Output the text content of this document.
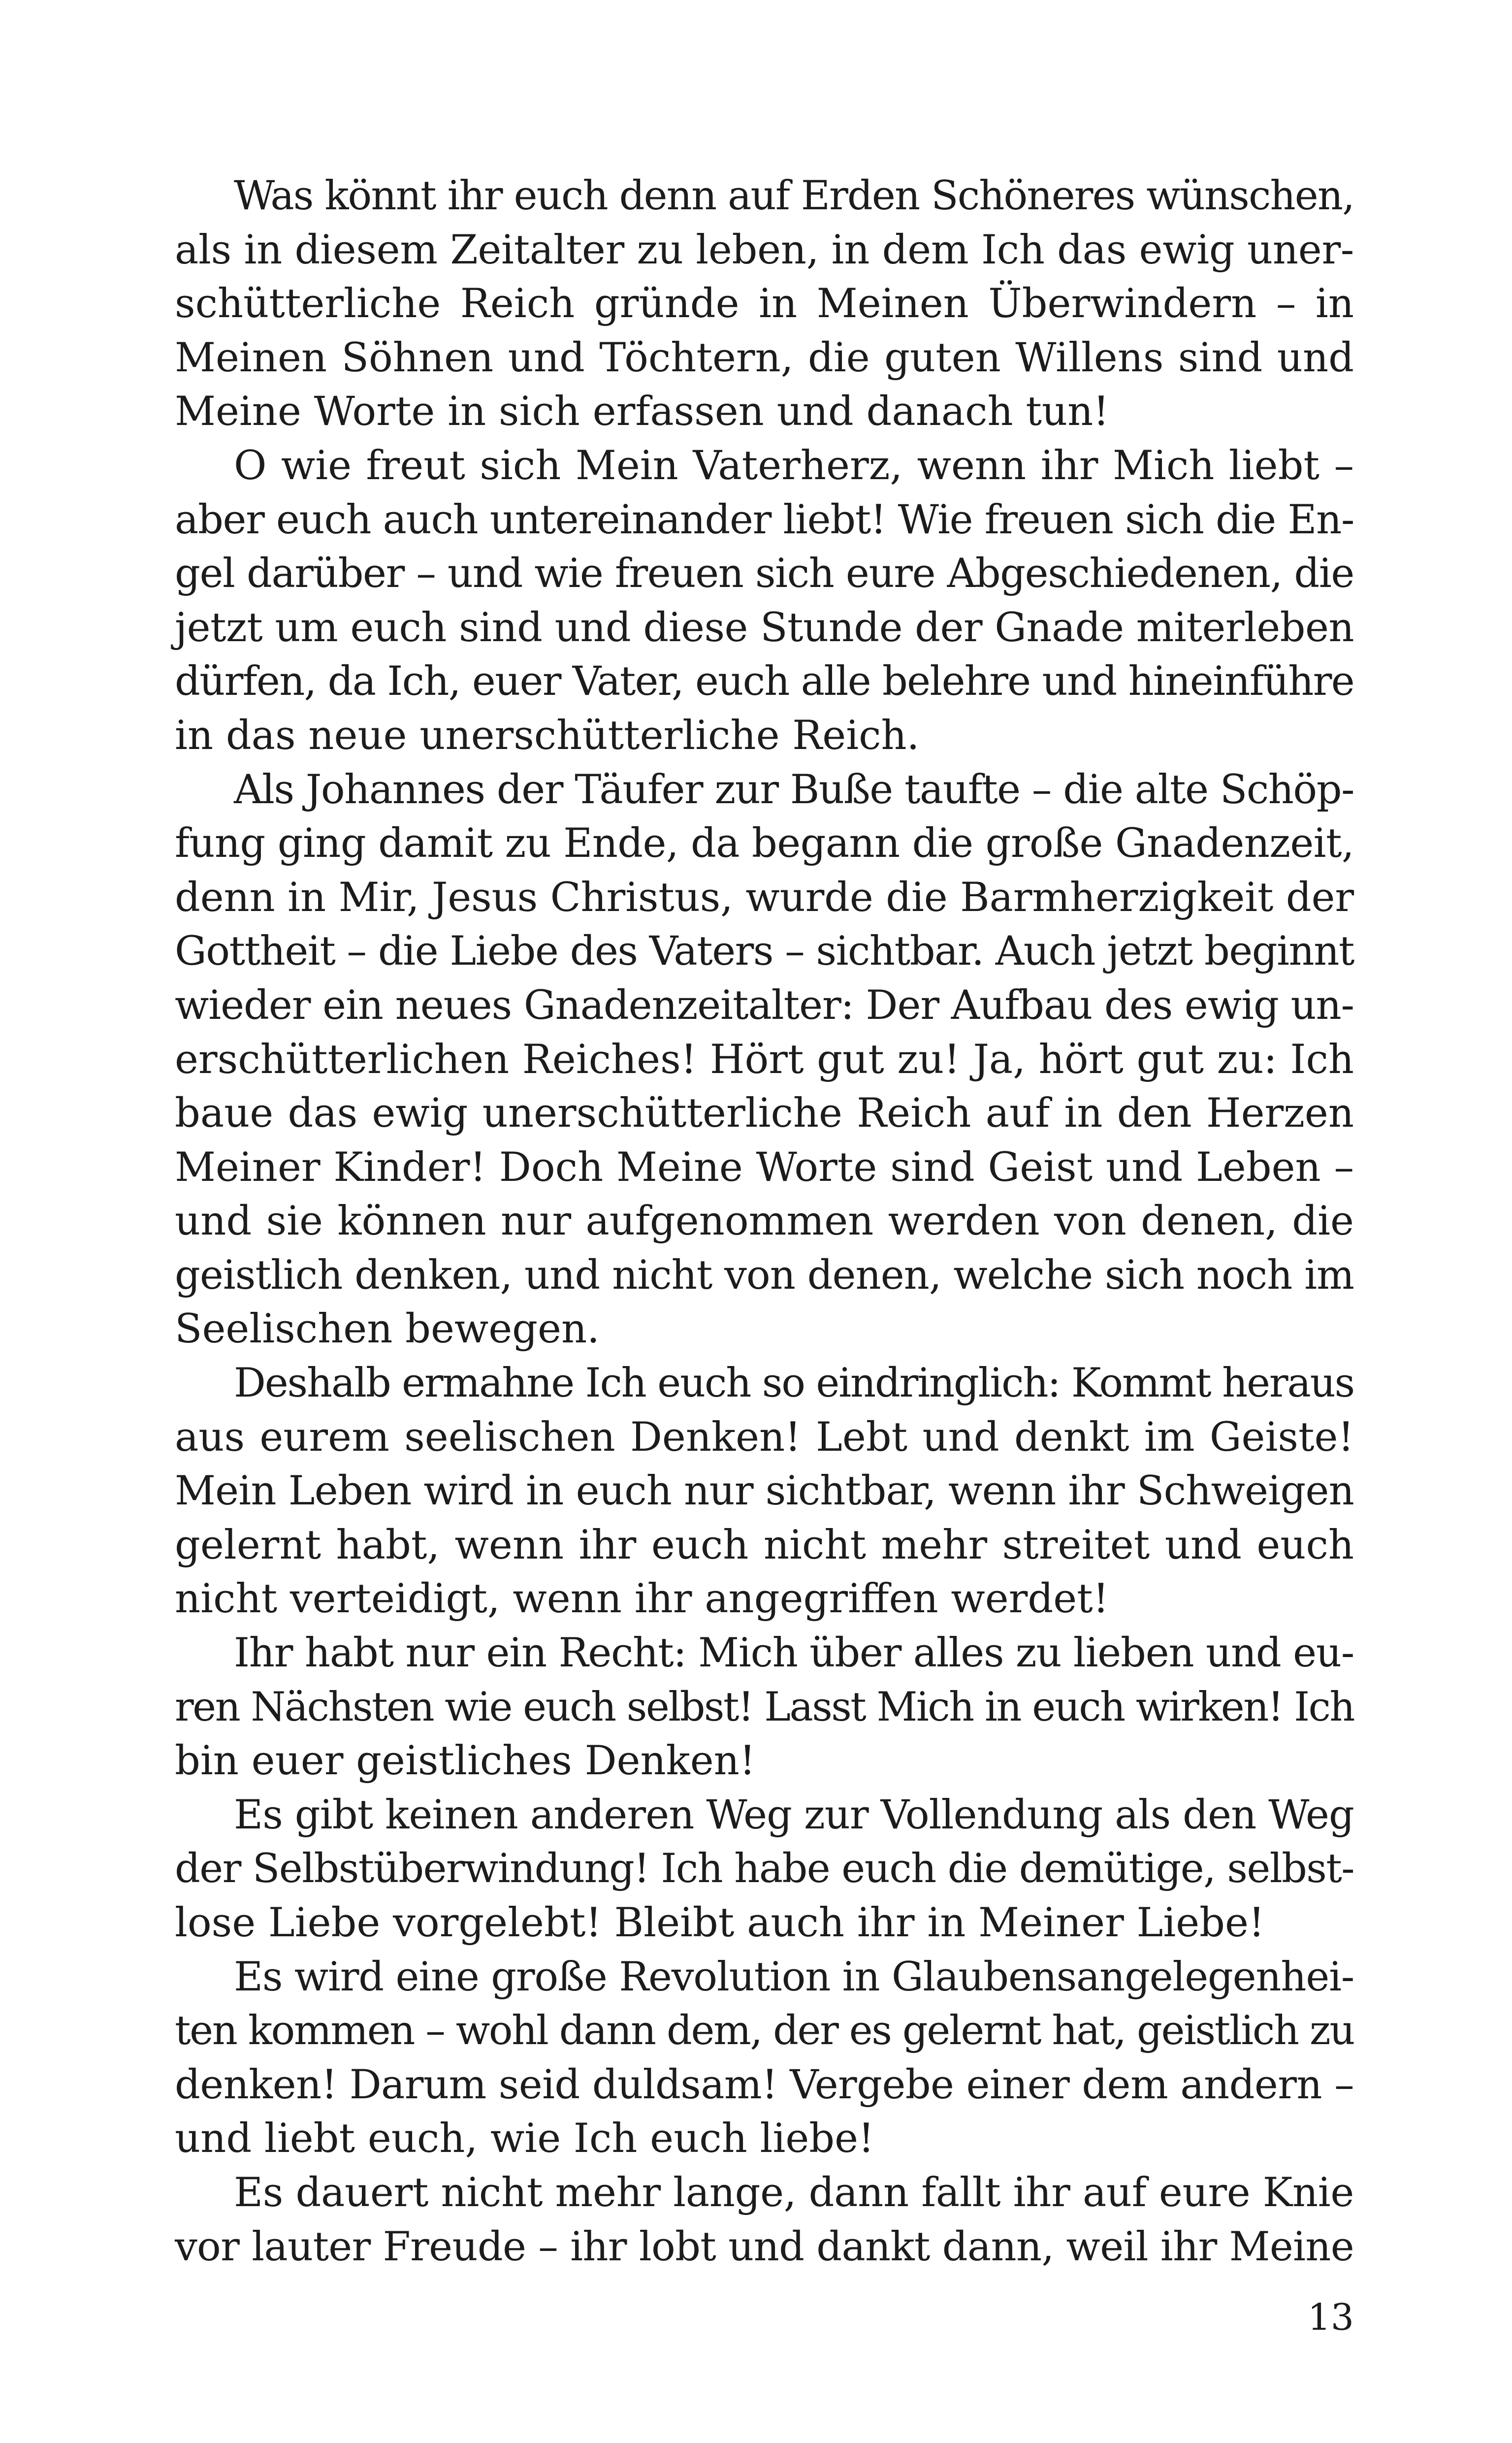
Was könnt ihr euch denn auf Erden Schöneres wünschen,
als in diesem Zeitalter zu leben, in dem Ich das ewig uner-
schütterliche Reich gründe in Meinen Überwindern – in
Meinen Söhnen und Töchtern, die guten Willens sind und
Meine Worte in sich erfassen und danach tun!

O wie freut sich Mein Vaterherz, wenn ihr Mich liebt –
aber euch auch untereinander liebt! Wie freuen sich die En-
gel darüber – und wie freuen sich eure Abgeschiedenen, die
jetzt um euch sind und diese Stunde der Gnade miterleben
dürfen, da Ich, euer Vater, euch alle belehre und hineinführe
in das neue unerschütterliche Reich.

Als Johannes der Täufer zur Buße taufte – die alte Schöp-
fung ging damit zu Ende, da begann die große Gnadenzeit,
denn in Mir, Jesus Christus, wurde die Barmherzigkeit der
Gottheit – die Liebe des Vaters – sichtbar. Auch jetzt beginnt
wieder ein neues Gnadenzeitalter: Der Aufbau des ewig un-
erschütterlichen Reiches! Hört gut zu! Ja, hört gut zu: Ich
baue das ewig unerschütterliche Reich auf in den Herzen
Meiner Kinder! Doch Meine Worte sind Geist und Leben –
und sie können nur aufgenommen werden von denen, die
geistlich denken, und nicht von denen, welche sich noch im
Seelischen bewegen.

Deshalb ermahne Ich euch so eindringlich: Kommt heraus
aus eurem seelischen Denken! Lebt und denkt im Geiste!
Mein Leben wird in euch nur sichtbar, wenn ihr Schweigen
gelernt habt, wenn ihr euch nicht mehr streitet und euch
nicht verteidigt, wenn ihr angegriffen werdet!

Ihr habt nur ein Recht: Mich über alles zu lieben und eu-
ren Nächsten wie euch selbst! Lasst Mich in euch wirken! Ich
bin euer geistliches Denken!

Es gibt keinen anderen Weg zur Vollendung als den Weg
der Selbstüberwindung! Ich habe euch die demütige, selbst-
lose Liebe vorgelebt! Bleibt auch ihr in Meiner Liebe!

Es wird eine große Revolution in Glaubensangelegenhei-
ten kommen – wohl dann dem, der es gelernt hat, geistlich zu
denken! Darum seid duldsam! Vergebe einer dem andern –
und liebt euch, wie Ich euch liebe!

Es dauert nicht mehr lange, dann fallt ihr auf eure Knie
vor lauter Freude – ihr lobt und dankt dann, weil ihr Meine

13
